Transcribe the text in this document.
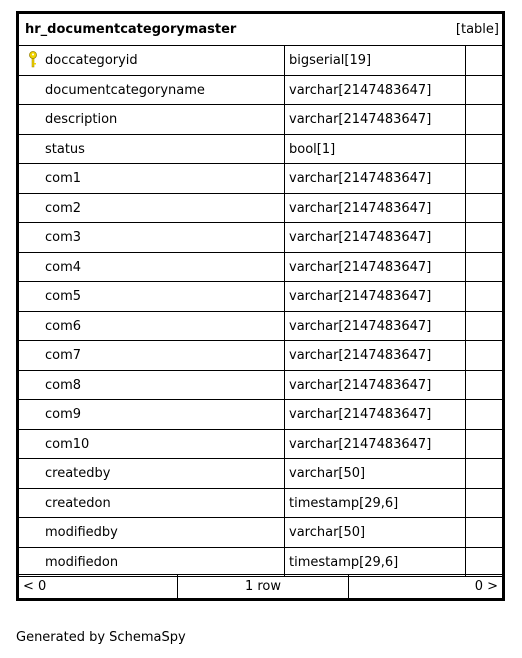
hr_documentcategorymaster	[table]
doccategoryid	bigserial[19]
documentcategoryname	varchar[2147483647]
description	varchar[2147483647]
status	bool[1]
com1	varchar[2147483647]
com2	varchar[2147483647]
com3	varchar[2147483647]
com4	varchar[2147483647]
com5	varchar[2147483647]
com6	varchar[2147483647]
com7	varchar[2147483647]
com8	varchar[2147483647]
com9	varchar[2147483647]
com10	varchar[2147483647]
createdby	varchar[50]
createdon	timestamp[29,6]
modifiedby	varchar[50]
modifiedon	timestamp[29,6]
< 0	1 row	0 >
Generated by SchemaSpy
